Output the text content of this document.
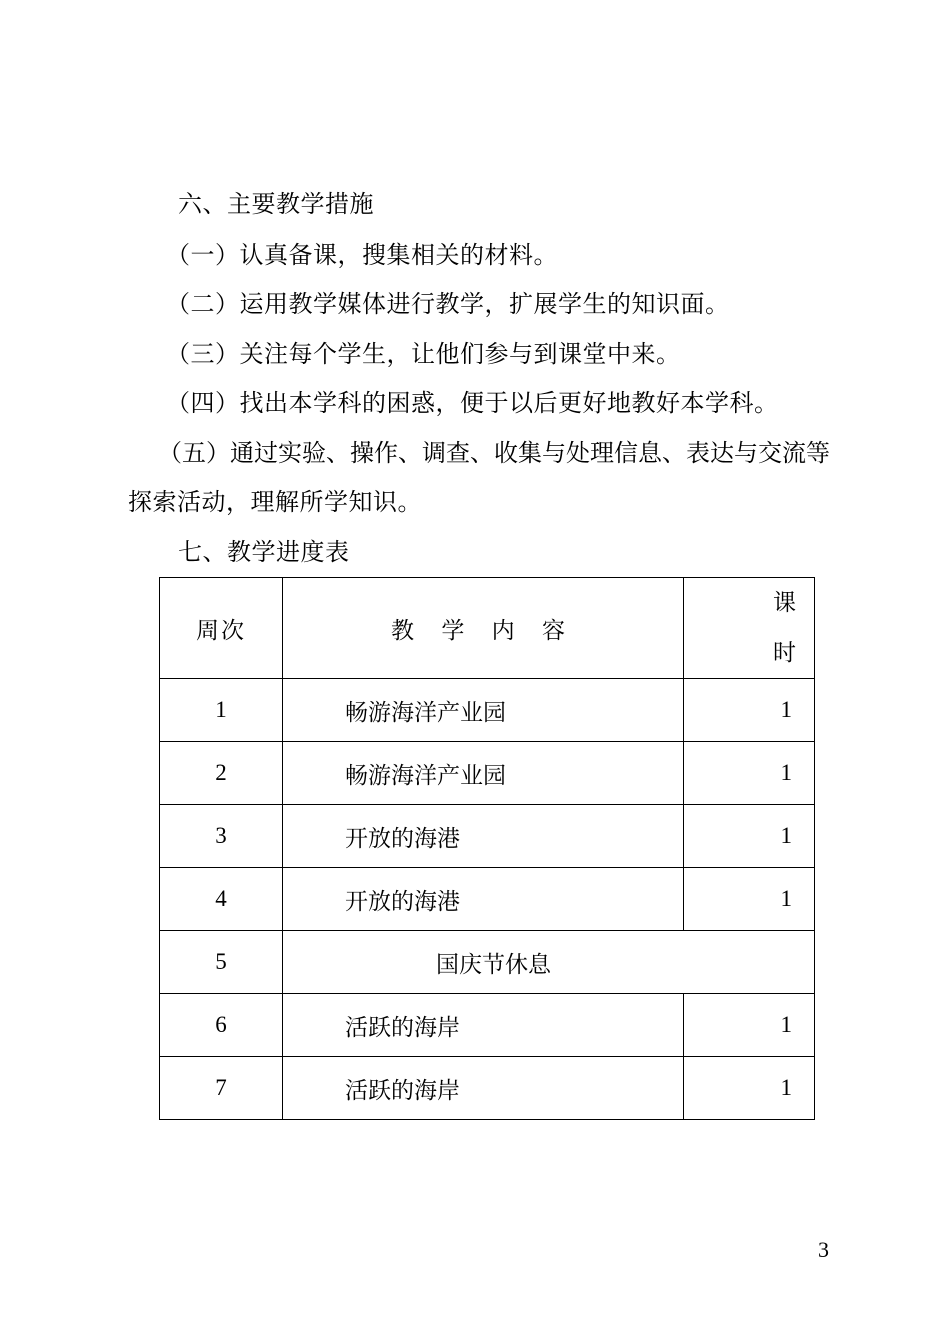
六、主要教学措施
（一）认真备课，搜集相关的材料。
（二）运用教学媒体进行教学，扩展学生的知识面。
（三）关注每个学生，让他们参与到课堂中来。
（四）找出本学科的困惑，便于以后更好地教好本学科。
（五）通过实验、操作、调查、收集与处理信息、表达与交流等
探索活动，理解所学知识。
七、教学进度表
周次	教 学 内 容	课
时

1	畅游海洋产业园	1
2	畅游海洋产业园	1
3	开放的海港	1
4	开放的海港	1
5	国庆节休息	
6	活跃的海岸	1
7	活跃的海岸	1
3
